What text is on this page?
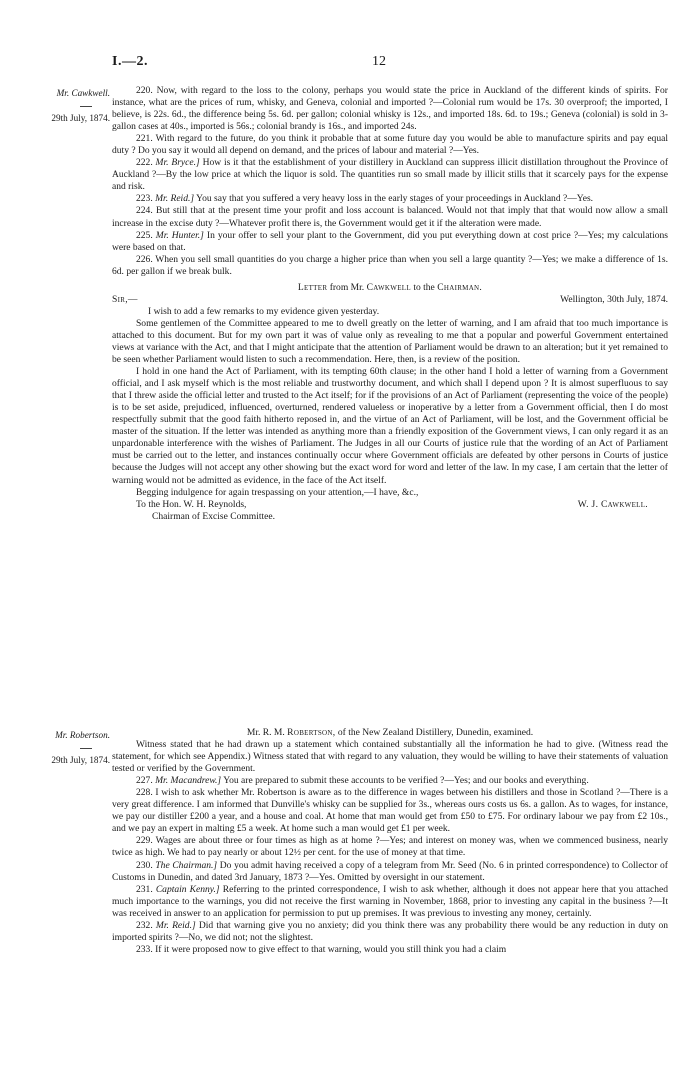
I.—2.	12
Mr. Cawkwell.
29th July, 1874.

220. Now, with regard to the loss to the colony, perhaps you would state the price in Auckland of the different kinds of spirits. For instance, what are the prices of rum, whisky, and Geneva, colonial and imported ?—Colonial rum would be 17s. 30 overproof; the imported, I believe, is 22s. 6d., the difference being 5s. 6d. per gallon; colonial whisky is 12s., and imported 18s. 6d. to 19s.; Geneva (colonial) is sold in 3-gallon cases at 40s., imported is 56s.; colonial brandy is 16s., and imported 24s.

221. With regard to the future, do you think it probable that at some future day you would be able to manufacture spirits and pay equal duty ? Do you say it would all depend on demand, and the prices of labour and material ?—Yes.

222. Mr. Bryce.] How is it that the establishment of your distillery in Auckland can suppress illicit distillation throughout the Province of Auckland ?—By the low price at which the liquor is sold. The quantities run so small made by illicit stills that it scarcely pays for the expense and risk.

223. Mr. Reid.] You say that you suffered a very heavy loss in the early stages of your proceedings in Auckland ?—Yes.

224. But still that at the present time your profit and loss account is balanced. Would not that imply that that would now allow a small increase in the excise duty ?—Whatever profit there is, the Government would get it if the alteration were made.

225. Mr. Hunter.] In your offer to sell your plant to the Government, did you put everything down at cost price ?—Yes; my calculations were based on that.

226. When you sell small quantities do you charge a higher price than when you sell a large quantity ?—Yes; we make a difference of 1s. 6d. per gallon if we break bulk.

Letter from Mr. Cawkwell to the Chairman.

Sir,—	Wellington, 30th July, 1874.

I wish to add a few remarks to my evidence given yesterday.

Some gentlemen of the Committee appeared to me to dwell greatly on the letter of warning, and I am afraid that too much importance is attached to this document. But for my own part it was of value only as revealing to me that a popular and powerful Government entertained views at variance with the Act, and that I might anticipate that the attention of Parliament would be drawn to an alteration; but it yet remained to be seen whether Parliament would listen to such a recommendation. Here, then, is a review of the position.

I hold in one hand the Act of Parliament, with its tempting 60th clause; in the other hand I hold a letter of warning from a Government official, and I ask myself which is the most reliable and trustworthy document, and which shall I depend upon ? It is almost superfluous to say that I threw aside the official letter and trusted to the Act itself; for if the provisions of an Act of Parliament (representing the voice of the people) is to be set aside, prejudiced, influenced, overturned, rendered valueless or inoperative by a letter from a Government official, then I do most respectfully submit that the good faith hitherto reposed in, and the virtue of an Act of Parliament, will be lost, and the Government official be master of the situation. If the letter was intended as anything more than a friendly exposition of the Government views, I can only regard it as an unpardonable interference with the wishes of Parliament. The Judges in all our Courts of justice rule that the wording of an Act of Parliament must be carried out to the letter, and instances continually occur where Government officials are defeated by other persons in Courts of justice because the Judges will not accept any other showing but the exact word for word and letter of the law. In my case, I am certain that the letter of warning would not be admitted as evidence, in the face of the Act itself.

Begging indulgence for again trespassing on your attention,—I have, &c.,

To the Hon. W. H. Reynolds,	W. J. Cawkwell.
Chairman of Excise Committee.
Mr. Robertson.
29th July, 1874.

Mr. R. M. Robertson, of the New Zealand Distillery, Dunedin, examined.

Witness stated that he had drawn up a statement which contained substantially all the information he had to give. (Witness read the statement, for which see Appendix.) Witness stated that with regard to any valuation, they would be willing to have their statements of valuation tested or verified by the Government.

227. Mr. Macandrew.] You are prepared to submit these accounts to be verified ?—Yes; and our books and everything.

228. I wish to ask whether Mr. Robertson is aware as to the difference in wages between his distillers and those in Scotland ?—There is a very great difference. I am informed that Dunville's whisky can be supplied for 3s., whereas ours costs us 6s. a gallon. As to wages, for instance, we pay our distiller £200 a year, and a house and coal. At home that man would get from £50 to £75. For ordinary labour we pay from £2 10s., and we pay an expert in malting £5 a week. At home such a man would get £1 per week.

229. Wages are about three or four times as high as at home ?—Yes; and interest on money was, when we commenced business, nearly twice as high. We had to pay nearly or about 12½ per cent. for the use of money at that time.

230. The Chairman.] Do you admit having received a copy of a telegram from Mr. Seed (No. 6 in printed correspondence) to Collector of Customs in Dunedin, and dated 3rd January, 1873 ?—Yes. Omitted by oversight in our statement.

231. Captain Kenny.] Referring to the printed correspondence, I wish to ask whether, although it does not appear here that you attached much importance to the warnings, you did not receive the first warning in November, 1868, prior to investing any capital in the business ?—It was received in answer to an application for permission to put up premises. It was previous to investing any money, certainly.

232. Mr. Reid.] Did that warning give you no anxiety; did you think there was any probability there would be any reduction in duty on imported spirits ?—No, we did not; not the slightest.

233. If it were proposed now to give effect to that warning, would you still think you had a claim
